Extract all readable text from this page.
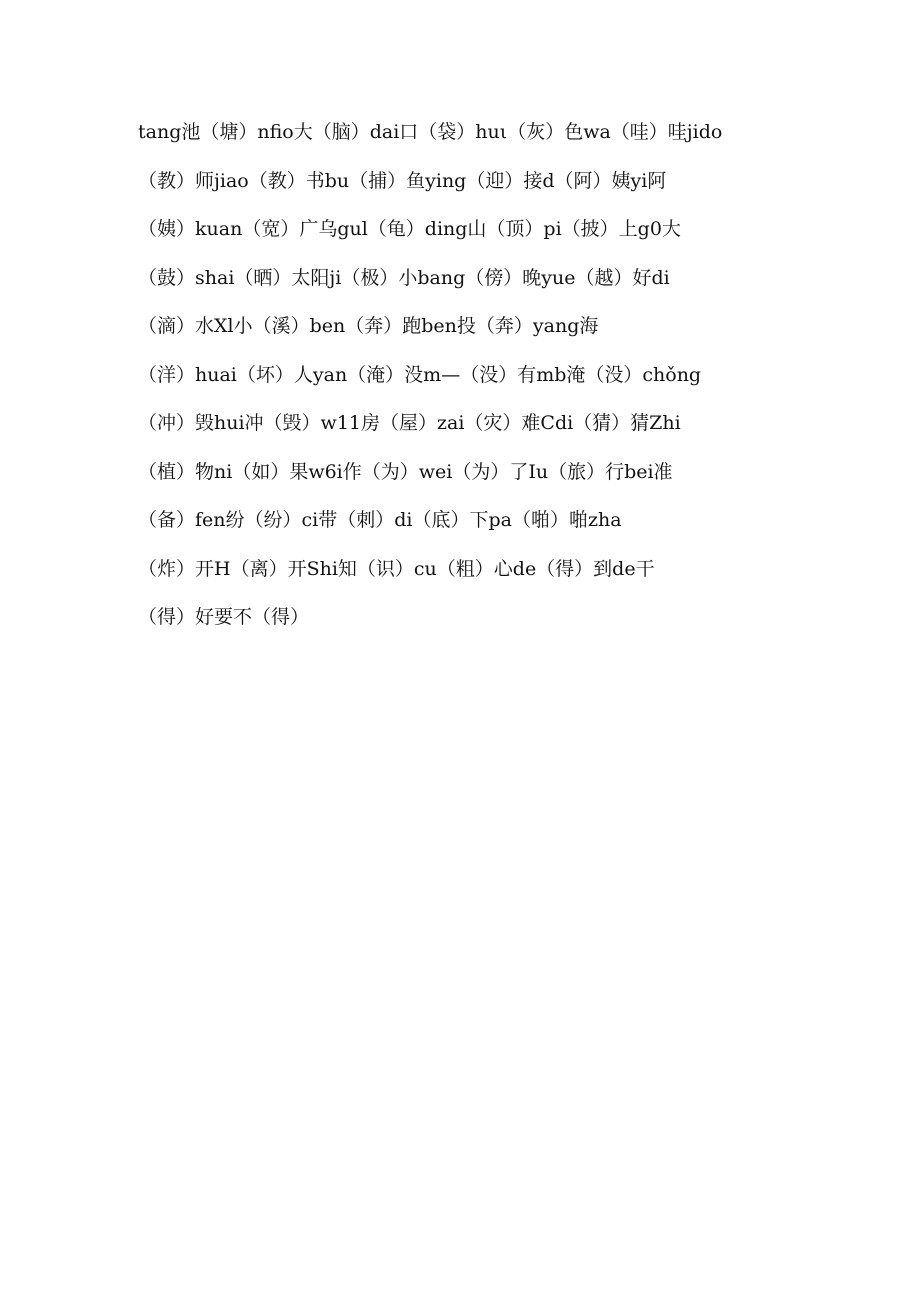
tang池（塘）nfio大（脑）dai口（袋）huι（灰）色wa（哇）哇jido
（教）师jiao（教）书bu（捕）鱼ying（迎）接d（阿）姨yi阿
（姨）kuan（宽）广乌gul（龟）ding山（顶）pi（披）上g0大
（鼓）shai（晒）太阳ji（极）小bang（傍）晚yue（越）好di
（滴）水Xl小（溪）ben（奔）跑ben投（奔）yang海
（洋）huai（坏）人yan（淹）没m—（没）有mb淹（没）chǒng
（冲）毁hui冲（毁）w11房（屋）zai（灾）难Cdi（猜）猜Zhi
（植）物ni（如）果w6i作（为）wei（为）了Iu（旅）行bei准
（备）fen纷（纷）ci带（刺）di（底）下pa（啪）啪zha
（炸）开H（离）开Shi知（识）cu（粗）心de（得）到de干
（得）好要不（得）
